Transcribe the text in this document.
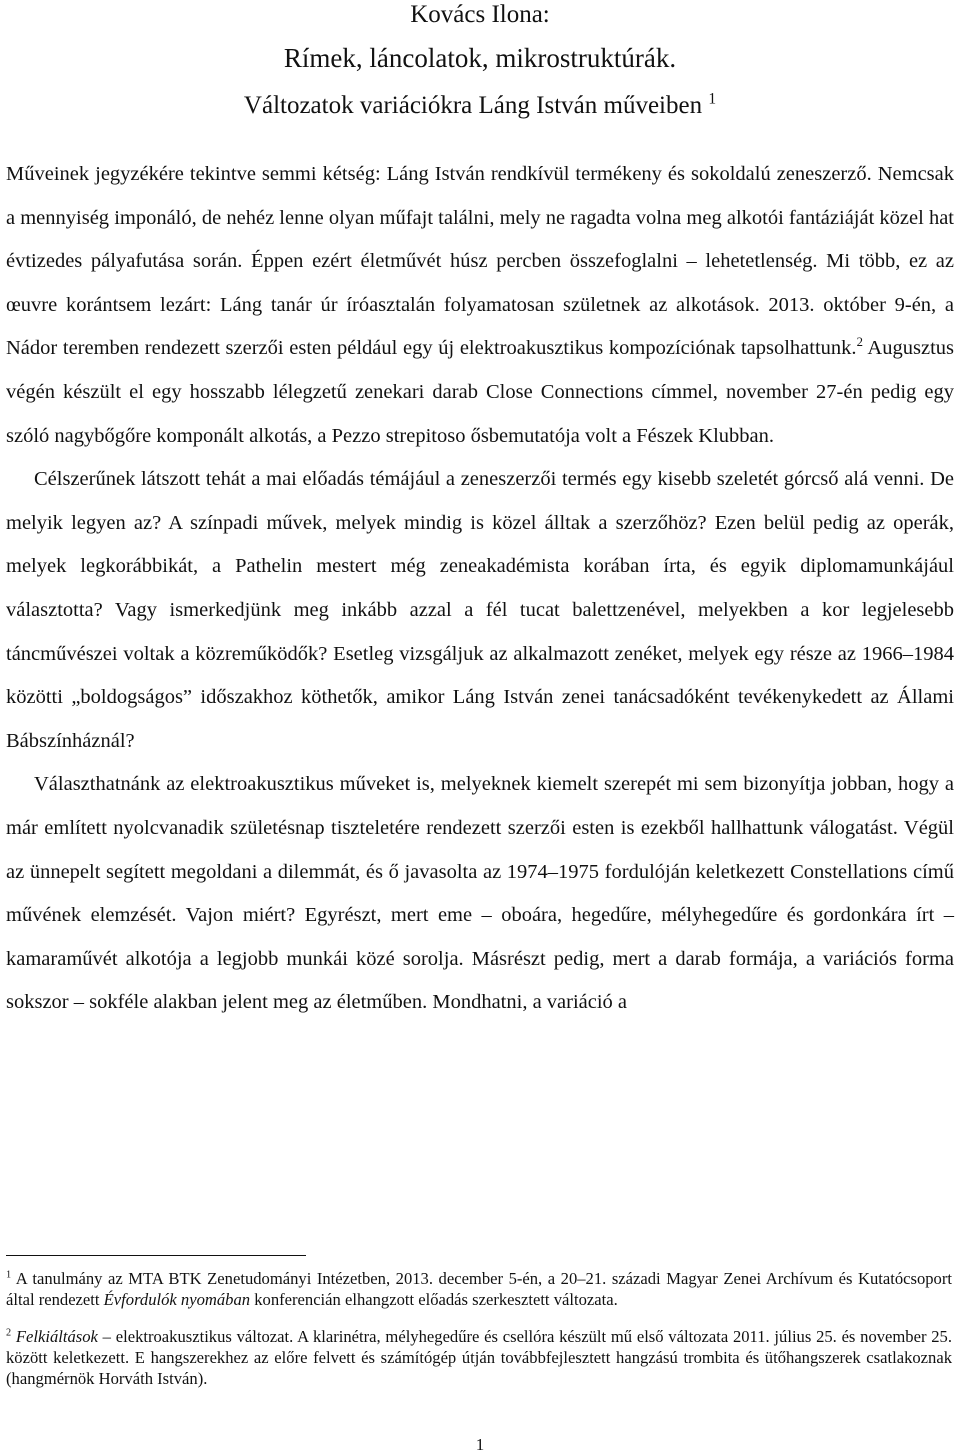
Kovács Ilona:

Rímek, láncolatok, mikrostruktúrák.
Változatok variációkra Láng István műveiben $^1$

Műveinek jegyzékére tekintve semmi kétség: Láng István rendkívül termékeny és sokoldalú zeneszerző. Nemcsak a mennyiség imponáló, de nehéz lenne olyan műfajt találni, mely ne ragadta volna meg alkotói fantáziáját közel hat évtizedes pályafutása során. Éppen ezért életművét húsz percben összefoglalni – lehetetlenség. Mi több, ez az œuvre korántsem lezárt: Láng tanár úr íróasztalán folyamatosan születnek az alkotások. 2013. október 9-én, a Nádor teremben rendezett szerzői esten például egy új elektroakusztikus kompozíciónak tapsolhattunk.$^2$ Augusztus végén készült el egy hosszabb lélegzetű zenekari darab Close Connections címmel, november 27-én pedig egy szóló nagybőgőre komponált alkotás, a Pezzo strepitoso ősbemutatója volt a Fészek Klubban.

Célszerűnek látszott tehát a mai előadás témájául a zeneszerzői termés egy kisebb szeletét górcső alá venni. De melyik legyen az? A színpadi művek, melyek mindig is közel álltak a szerzőhöz? Ezen belül pedig az operák, melyek legkorábbikát, a Pathelin mestert még zeneakadémista korában írta, és egyik diplomamunkájául választotta? Vagy ismerkedjünk meg inkább azzal a fél tucat balettzenével, melyekben a kor legjelesebb táncművészei voltak a közreműködők? Esetleg vizsgáljuk az alkalmazott zenéket, melyek egy része az 1966–1984 közötti „boldogságos” időszakhoz köthetők, amikor Láng István zenei tanácsadóként tevékenykedett az Állami Bábszínháznál?

Választhatnánk az elektroakusztikus műveket is, melyeknek kiemelt szerepét mi sem bizonyítja jobban, hogy a már említett nyolcvanadik születésnap tiszteletére rendezett szerzői esten is ezekből hallhattunk válogatást. Végül az ünnepelt segített megoldani a dilemmát, és ő javasolta az 1974–1975 fordulóján keletkezett Constellations című művének elemzését. Vajon miért? Egyrészt, mert eme – oboára, hegedűre, mélyhegedűre és gordonkára írt – kamaraművét alkotója a legjobb munkái közé sorolja. Másrészt pedig, mert a darab formája, a variációs forma sokszor – sokféle alakban jelent meg az életműben. Mondhatni, a variáció a

$^1$ A tanulmány az MTA BTK Zenetudományi Intézetben, 2013. december 5-én, a 20–21. századi Magyar Zenei Archívum és Kutatócsoport által rendezett Évfordulók nyomában konferencián elhangzott előadás szerkesztett változata.

$^2$ Felkiáltások – elektroakusztikus változat. A klarinétra, mélyhegedűre és csellóra készült mű első változata 2011. július 25. és november 25. között keletkezett. E hangszerekhez az előre felvett és számítógép útján továbbfejlesztett hangzású trombita és ütőhangszerek csatlakoznak (hangmérnök Horváth István).

1
